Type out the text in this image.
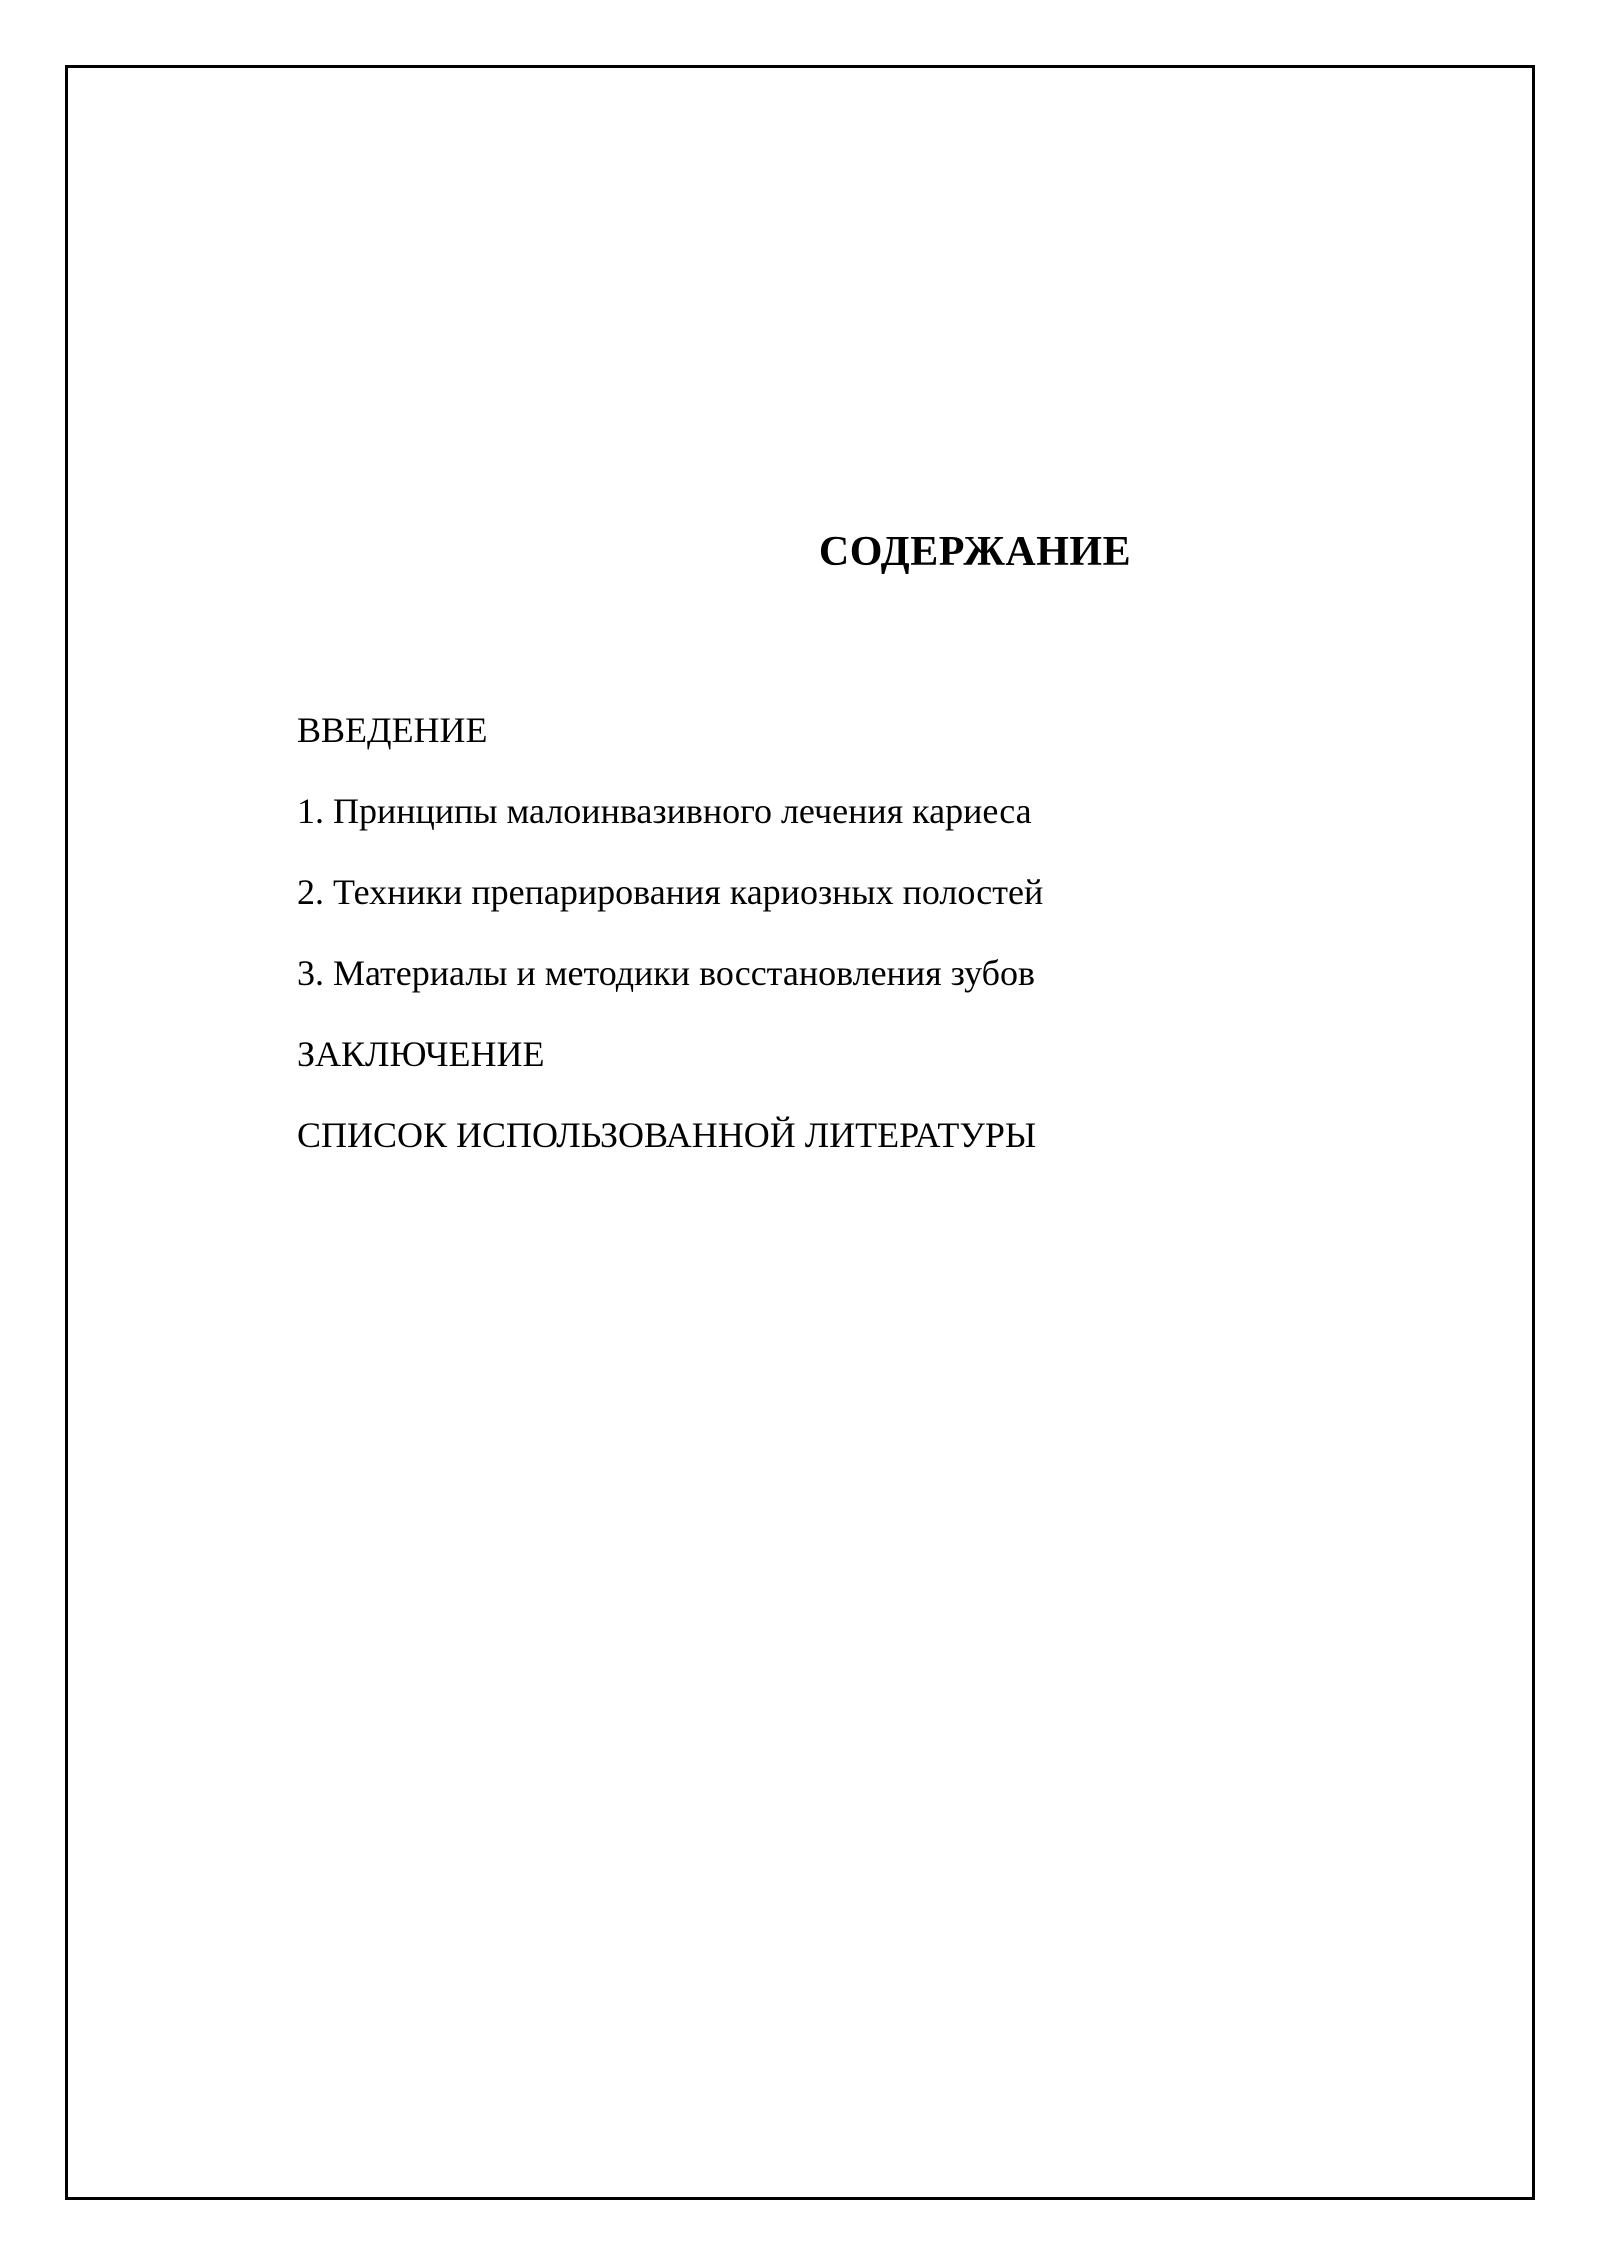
СОДЕРЖАНИЕ
ВВЕДЕНИЕ
1. Принципы малоинвазивного лечения кариеса
2. Техники препарирования кариозных полостей
3. Материалы и методики восстановления зубов
ЗАКЛЮЧЕНИЕ
СПИСОК ИСПОЛЬЗОВАННОЙ ЛИТЕРАТУРЫ
